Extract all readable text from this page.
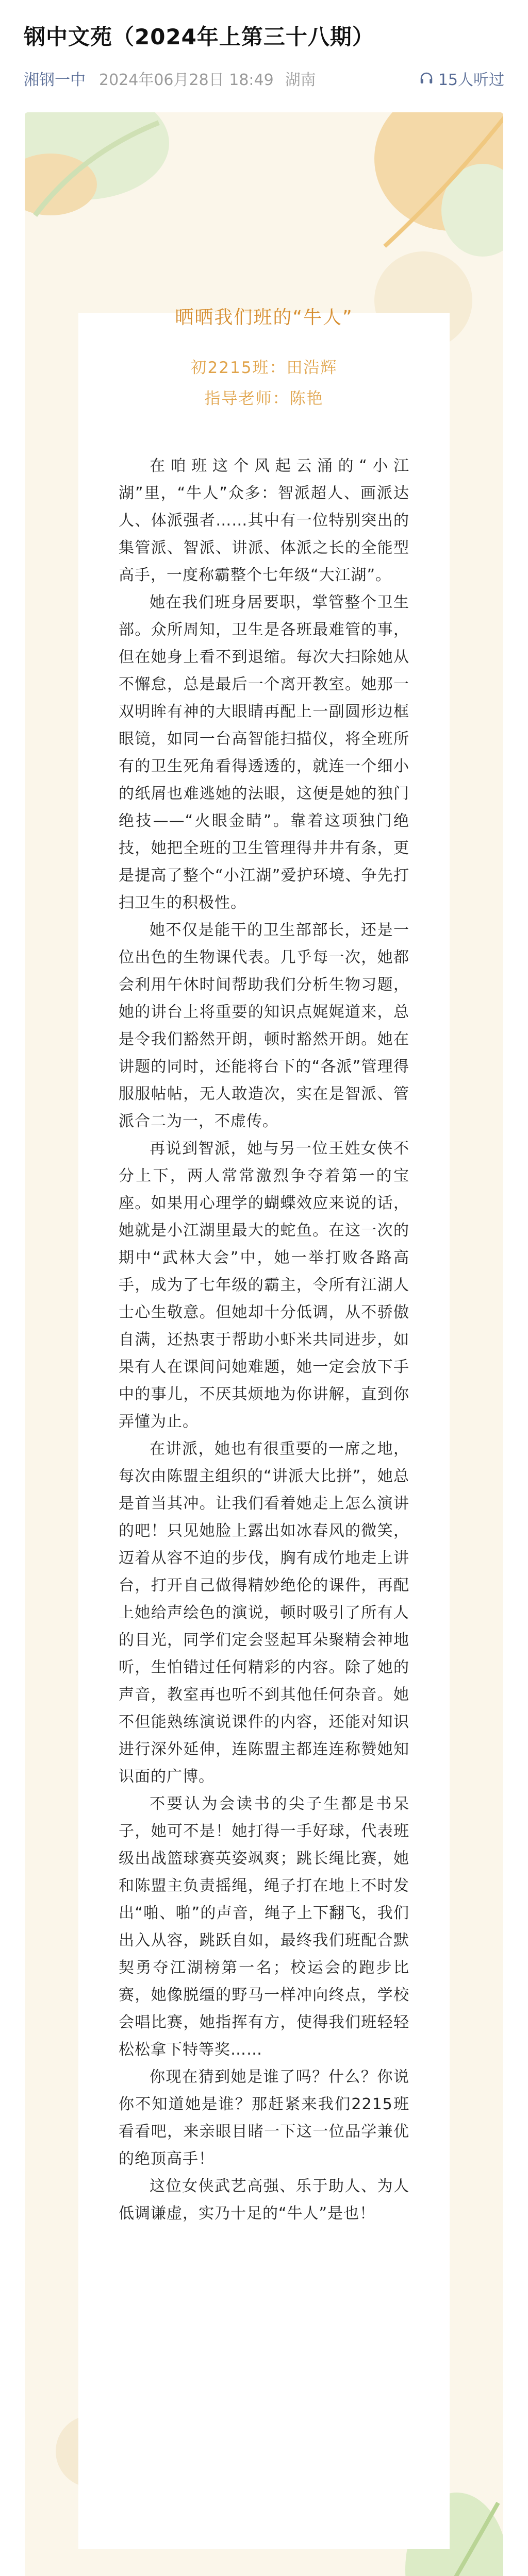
钢中文苑（2024年上第三十八期）
湘钢一中 2024年06月28日 18:49 湖南	15人听过
晒晒我们班的“牛人”
初2215班：田浩辉
指导老师：陈艳

在咱班这个风起云涌的“小江湖”里，“牛人”众多：智派超人、画派达人、体派强者……其中有一位特别突出的集管派、智派、讲派、体派之长的全能型高手，一度称霸整个七年级“大江湖”。

她在我们班身居要职，掌管整个卫生部。众所周知，卫生是各班最难管的事，但在她身上看不到退缩。每次大扫除她从不懈怠，总是最后一个离开教室。她那一双明眸有神的大眼睛再配上一副圆形边框眼镜，如同一台高智能扫描仪，将全班所有的卫生死角看得透透的，就连一个细小的纸屑也难逃她的法眼，这便是她的独门绝技——“火眼金睛”。靠着这项独门绝技，她把全班的卫生管理得井井有条，更是提高了整个“小江湖”爱护环境、争先打扫卫生的积极性。

她不仅是能干的卫生部部长，还是一位出色的生物课代表。几乎每一次，她都会利用午休时间帮助我们分析生物习题，她的讲台上将重要的知识点娓娓道来，总是令我们豁然开朗，顿时豁然开朗。她在讲题的同时，还能将台下的“各派”管理得服服帖帖，无人敢造次，实在是智派、管派合二为一，不虚传。

再说到智派，她与另一位王姓女侠不分上下，两人常常激烈争夺着第一的宝座。如果用心理学的蝴蝶效应来说的话，她就是小江湖里最大的蛇鱼。在这一次的期中“武林大会”中，她一举打败各路高手，成为了七年级的霸主，令所有江湖人士心生敬意。但她却十分低调，从不骄傲自满，还热衷于帮助小虾米共同进步，如果有人在课间问她难题，她一定会放下手中的事儿，不厌其烦地为你讲解，直到你弄懂为止。

在讲派，她也有很重要的一席之地，每次由陈盟主组织的“讲派大比拼”，她总是首当其冲。让我们看着她走上怎么演讲的吧！只见她脸上露出如冰春风的微笑，迈着从容不迫的步伐，胸有成竹地走上讲台，打开自己做得精妙绝伦的课件，再配上她给声绘色的演说，顿时吸引了所有人的目光，同学们定会竖起耳朵聚精会神地听，生怕错过任何精彩的内容。除了她的声音，教室再也听不到其他任何杂音。她不但能熟练演说课件的内容，还能对知识进行深外延伸，连陈盟主都连连称赞她知识面的广博。

不要认为会读书的尖子生都是书呆子，她可不是！她打得一手好球，代表班级出战篮球赛英姿飒爽；跳长绳比赛，她和陈盟主负责摇绳，绳子打在地上不时发出“啪、啪”的声音，绳子上下翻飞，我们出入从容，跳跃自如，最终我们班配合默契勇夺江湖榜第一名；校运会的跑步比赛，她像脱缰的野马一样冲向终点，学校会唱比赛，她指挥有方，使得我们班轻轻松松拿下特等奖……

你现在猜到她是谁了吗？什么？你说你不知道她是谁？那赶紧来我们2215班看看吧，来亲眼目睹一下这一位品学兼优的绝顶高手！

这位女侠武艺高强、乐于助人、为人低调谦虚，实乃十足的“牛人”是也！
